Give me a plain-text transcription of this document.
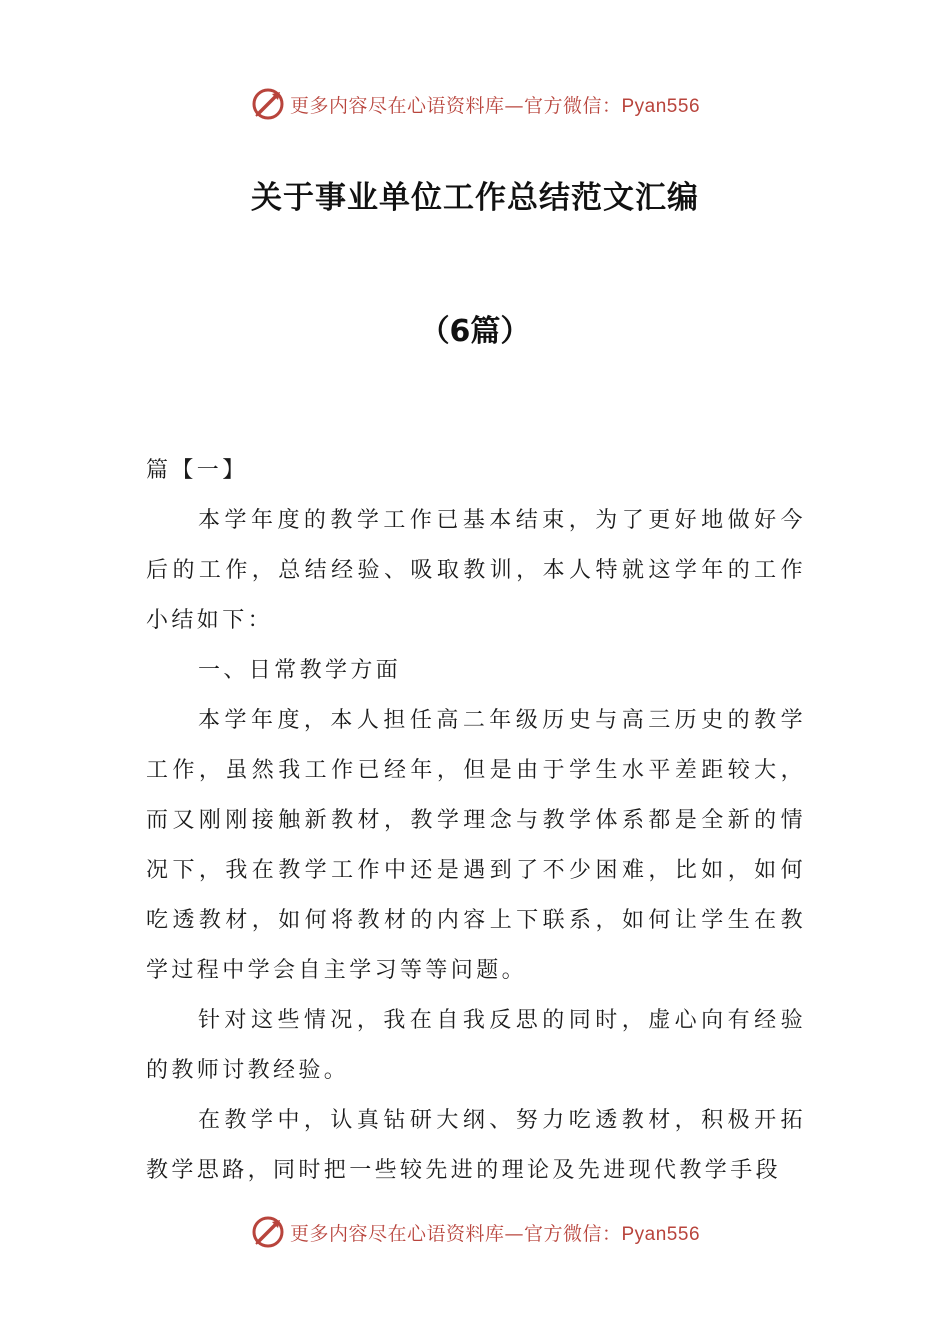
更多内容尽在心语资料库—官方微信：Pyan556
关于事业单位工作总结范文汇编
（6篇）

篇【一】

本学年度的教学工作已基本结束，为了更好地做好今后的工作，总结经验、吸取教训，本人特就这学年的工作小结如下：

一、日常教学方面

本学年度，本人担任高二年级历史与高三历史的教学工作，虽然我工作已经年，但是由于学生水平差距较大，而又刚刚接触新教材，教学理念与教学体系都是全新的情况下，我在教学工作中还是遇到了不少困难，比如，如何吃透教材，如何将教材的内容上下联系，如何让学生在教学过程中学会自主学习等等问题。

针对这些情况，我在自我反思的同时，虚心向有经验的教师讨教经验。

在教学中，认真钻研大纲、努力吃透教材，积极开拓教学思路，同时把一些较先进的理论及先进现代教学手段

更多内容尽在心语资料库—官方微信：Pyan556
